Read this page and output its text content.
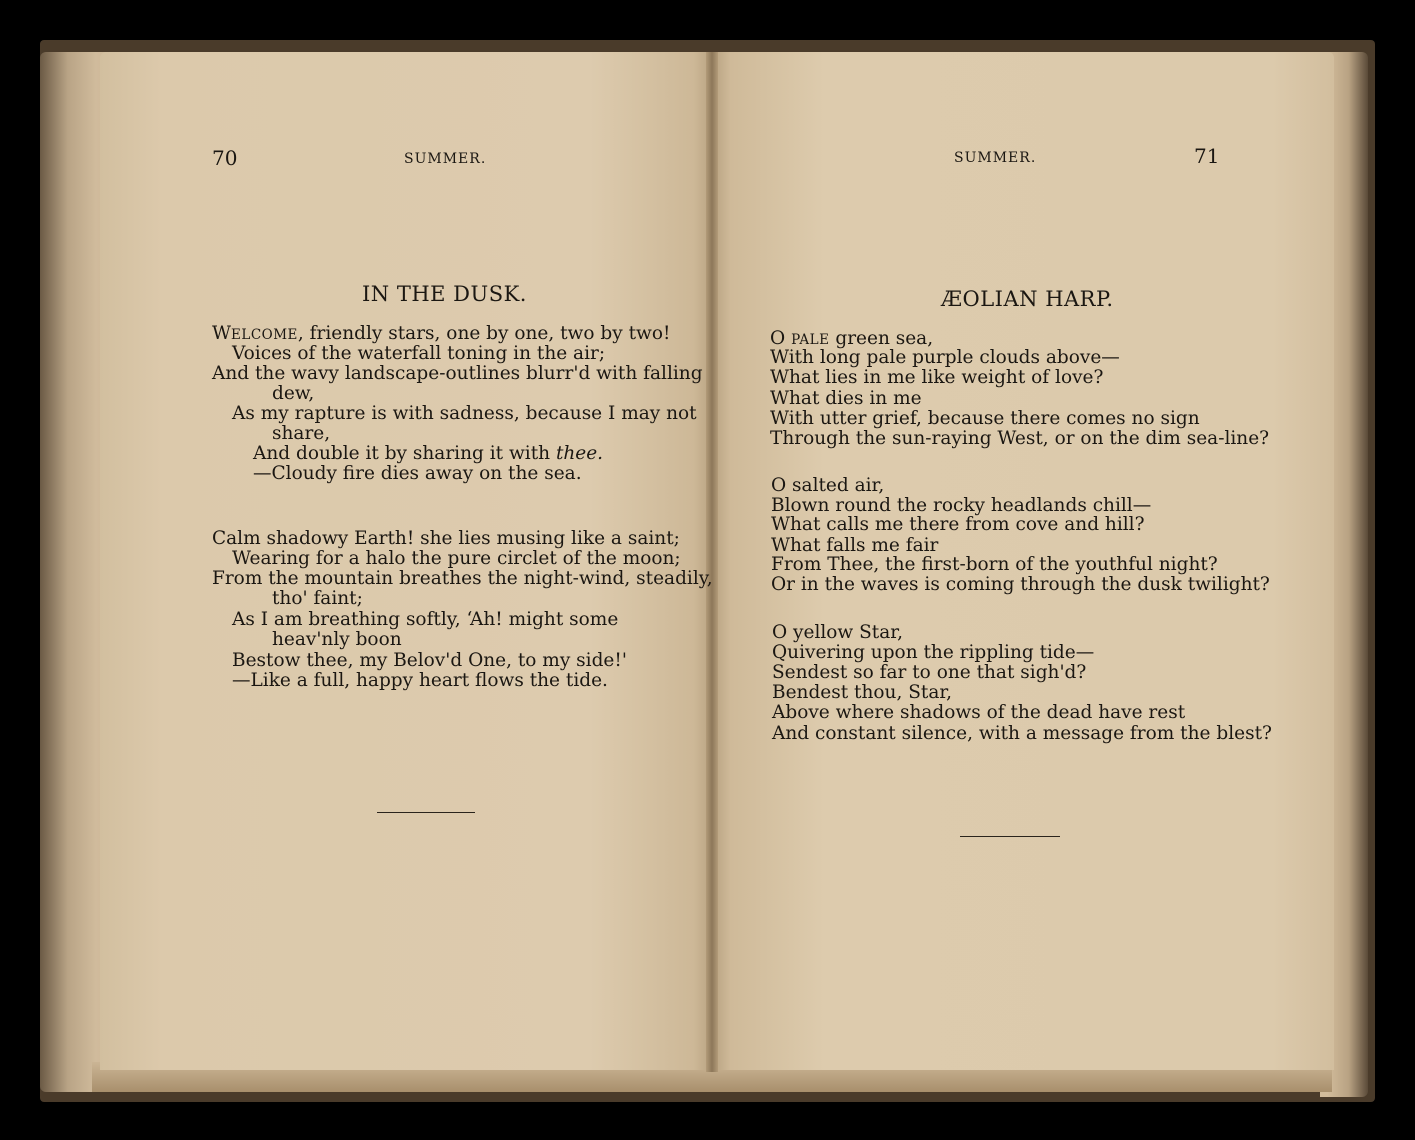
70	SUMMER.
IN THE DUSK.
WELCOME, friendly stars, one by one, two by two!
Voices of the waterfall toning in the air;
And the wavy landscape-outlines blurr'd with falling
dew,
As my rapture is with sadness, because I may not
share,
And double it by sharing it with thee.
—Cloudy fire dies away on the sea.
Calm shadowy Earth! she lies musing like a saint;
Wearing for a halo the pure circlet of the moon;
From the mountain breathes the night-wind, steadily,
tho' faint;
As I am breathing softly, ‘Ah! might some
heav'nly boon
Bestow thee, my Belov'd One, to my side!'
—Like a full, happy heart flows the tide.
SUMMER.	71
ÆOLIAN HARP.
O PALE green sea,
With long pale purple clouds above—
What lies in me like weight of love?
What dies in me
With utter grief, because there comes no sign
Through the sun-raying West, or on the dim sea-line?
O salted air,
Blown round the rocky headlands chill—
What calls me there from cove and hill?
What falls me fair
From Thee, the first-born of the youthful night?
Or in the waves is coming through the dusk twilight?
O yellow Star,
Quivering upon the rippling tide—
Sendest so far to one that sigh'd?
Bendest thou, Star,
Above where shadows of the dead have rest
And constant silence, with a message from the blest?
